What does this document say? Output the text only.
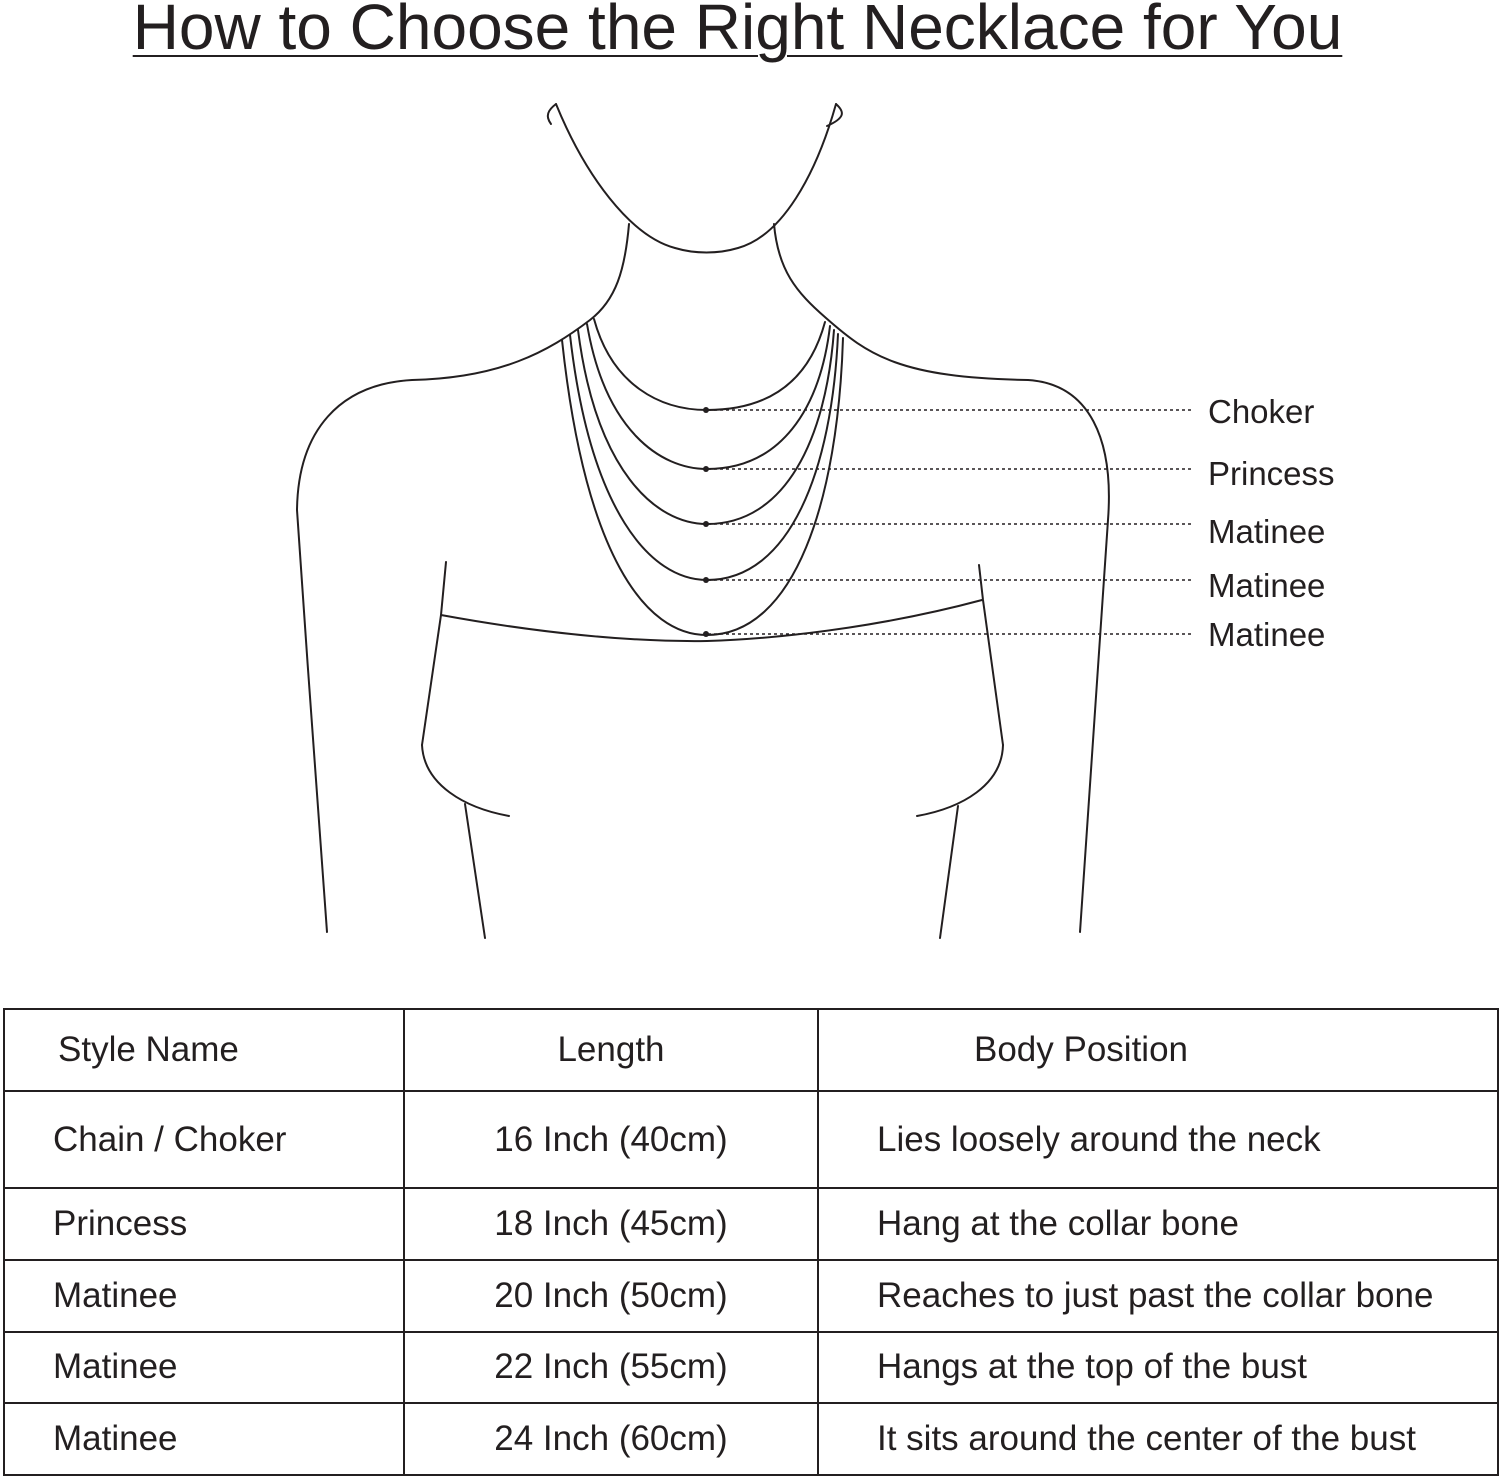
How to Choose the Right Necklace for You
Choker
Princess
Matinee
Matinee
Matinee
Style Name	Length	Body Position
Chain / Choker	16 Inch (40cm)	Lies loosely around the neck
Princess	18 Inch (45cm)	Hang at the collar bone
Matinee	20 Inch (50cm)	Reaches to just past the collar bone
Matinee	22 Inch (55cm)	Hangs at the top of the bust
Matinee	24 Inch (60cm)	It sits around the center of the bust
